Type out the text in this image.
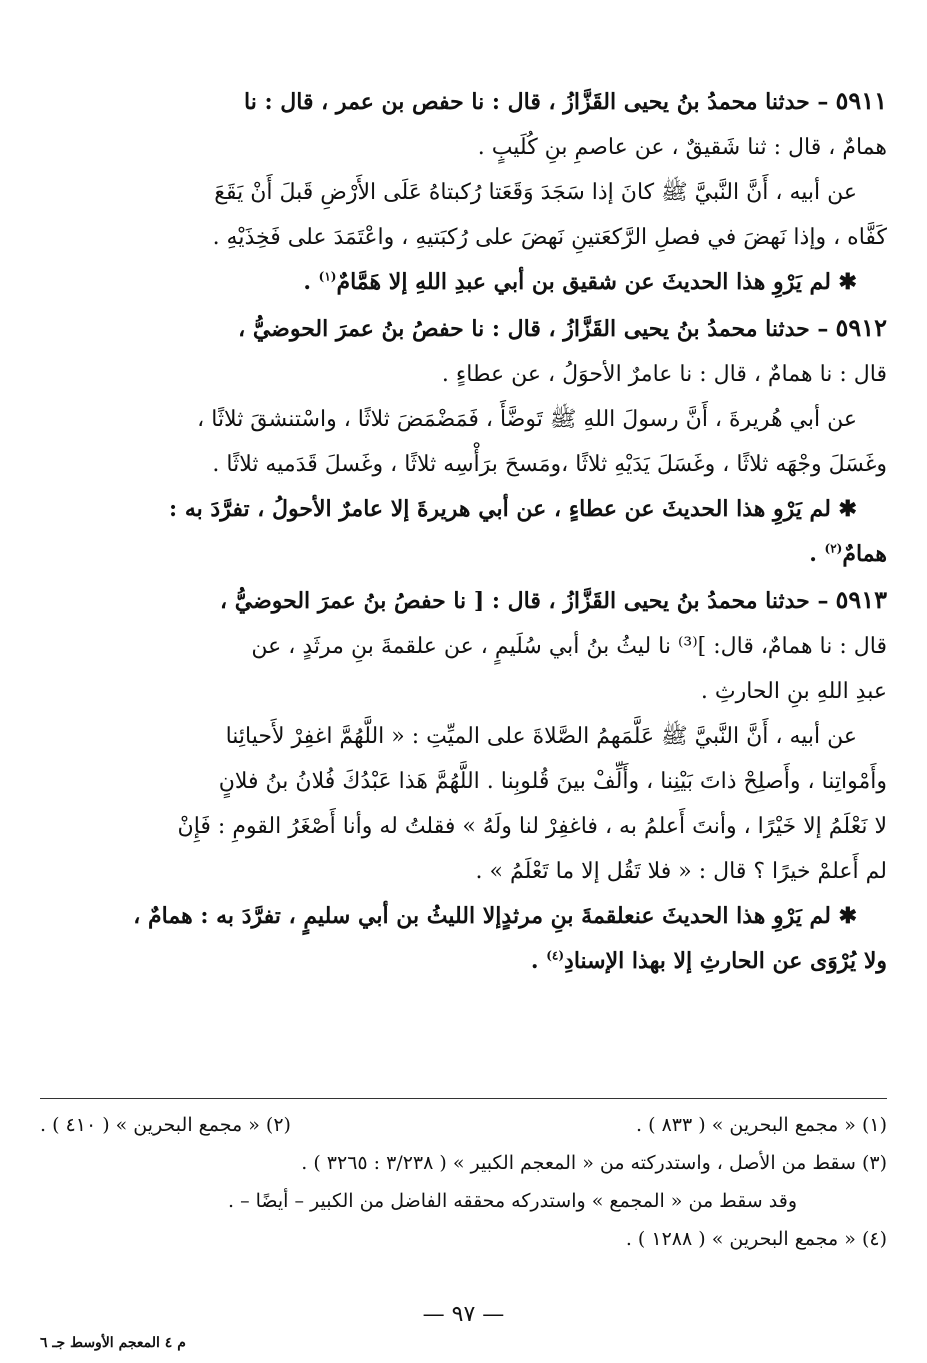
٥٩١١ – حدثنا محمدُ بنُ يحيى القَزَّازُ ، قال : نا حفص بن عمر ، قال : نا
همامٌ ، قال : ثنا شَقيقٌ ، عن عاصمِ بنِ كُلَيبٍ .
عن أبيه ، أَنَّ النَّبيَّ ﷺ كانَ إذا سَجَدَ وَقَعَتا رُكبتاهُ عَلَى الأَرْضِ قَبلَ أَنْ يَقَعَ
كَفَّاه ، وإذا نَهضَ في فصلِ الرَّكعَتينِ نَهضَ على رُكبَتيهِ ، واعْتَمَدَ على فَخِذَيْهِ .
✱ لم يَرْوِ هذا الحديثَ عن شقيق بن أبي عبدِ اللهِ إلا هَمَّامٌ$^{(١)}$ .
٥٩١٢ – حدثنا محمدُ بنُ يحيى القَزَّازُ ، قال : نا حفصُ بنُ عمرَ الحوضيُّ ،
قال : نا همامٌ ، قال : نا عامرٌ الأحوَلُ ، عن عطاءٍ .
عن أبي هُريرةَ ، أَنَّ رسولَ اللهِ ﷺ تَوضَّأَ ، فَمَضْمَضَ ثلاثًا ، واسْتنشقَ ثلاثًا ،
وغَسَلَ وجْهَه ثلاثًا ، وغَسَلَ يَدَيْهِ ثلاثًا ،ومَسحَ برَأْسِه ثلاثًا ، وغَسلَ قَدَميه ثلاثًا .
✱ لم يَرْوِ هذا الحديثَ عن عطاءٍ ، عن أبي هريرةَ إلا عامرٌ الأحولُ ، تفرَّدَ به :
همامٌ$^{(٢)}$ .
٥٩١٣ – حدثنا محمدُ بنُ يحيى القَزَّازُ ، قال : [ نا حفصُ بنُ عمرَ الحوضيُّ ،
قال : نا همامٌ، قال: ]⁽³⁾ نا ليثُ بنُ أبي سُلَيمٍ ، عن علقمةَ بنِ مرثَدٍ ، عن
عبدِ اللهِ بنِ الحارثِ .
عن أبيه ، أَنَّ النَّبيَّ ﷺ عَلَّمَهمُ الصَّلاةَ على الميِّتِ : « اللَّهُمَّ اغفِرْ لأَحيائِنا
وأَمْواتِنا ، وأَصلِحْ ذاتَ بَيْنِنا ، وأَلِّفْ بينَ قُلوبِنا . اللَّهُمَّ هَذا عَبْدُكَ فُلانُ بنُ فلانٍ
لا نَعْلَمُ إلا خَيْرًا ، وأنتَ أَعلمُ به ، فاغفِرْ لنا ولَهُ » فقلتُ له وأنا أَصْغَرُ القومِ : فَإِنْ
لم أَعلمْ خيرًا ؟ قال : « فلا تَقُل إلا ما تَعْلَمُ » .
✱ لم يَرْوِ هذا الحديثَ عنعلقمةَ بنِ مرثدٍإلا الليثُ بن أبي سليمٍ ، تفرَّدَ به : همامٌ ،
ولا يُرْوَى عن الحارثِ إلا بهذا الإسنادِ$^{(٤)}$ .
(١) « مجمع البحرين » ( ٨٣٣ ) .
(٢) « مجمع البحرين » ( ٤١٠ ) .
(٣) سقط من الأصل ، واستدركته من « المعجم الكبير » ( ٣/٢٣٨ : ٣٢٦٥ ) .
وقد سقط من « المجمع » واستدركه محققه الفاضل من الكبير – أيضًا – .
(٤) « مجمع البحرين » ( ١٢٨٨ ) .
— ٩٧ —
م ٤ المعجم الأوسط جـ ٦
